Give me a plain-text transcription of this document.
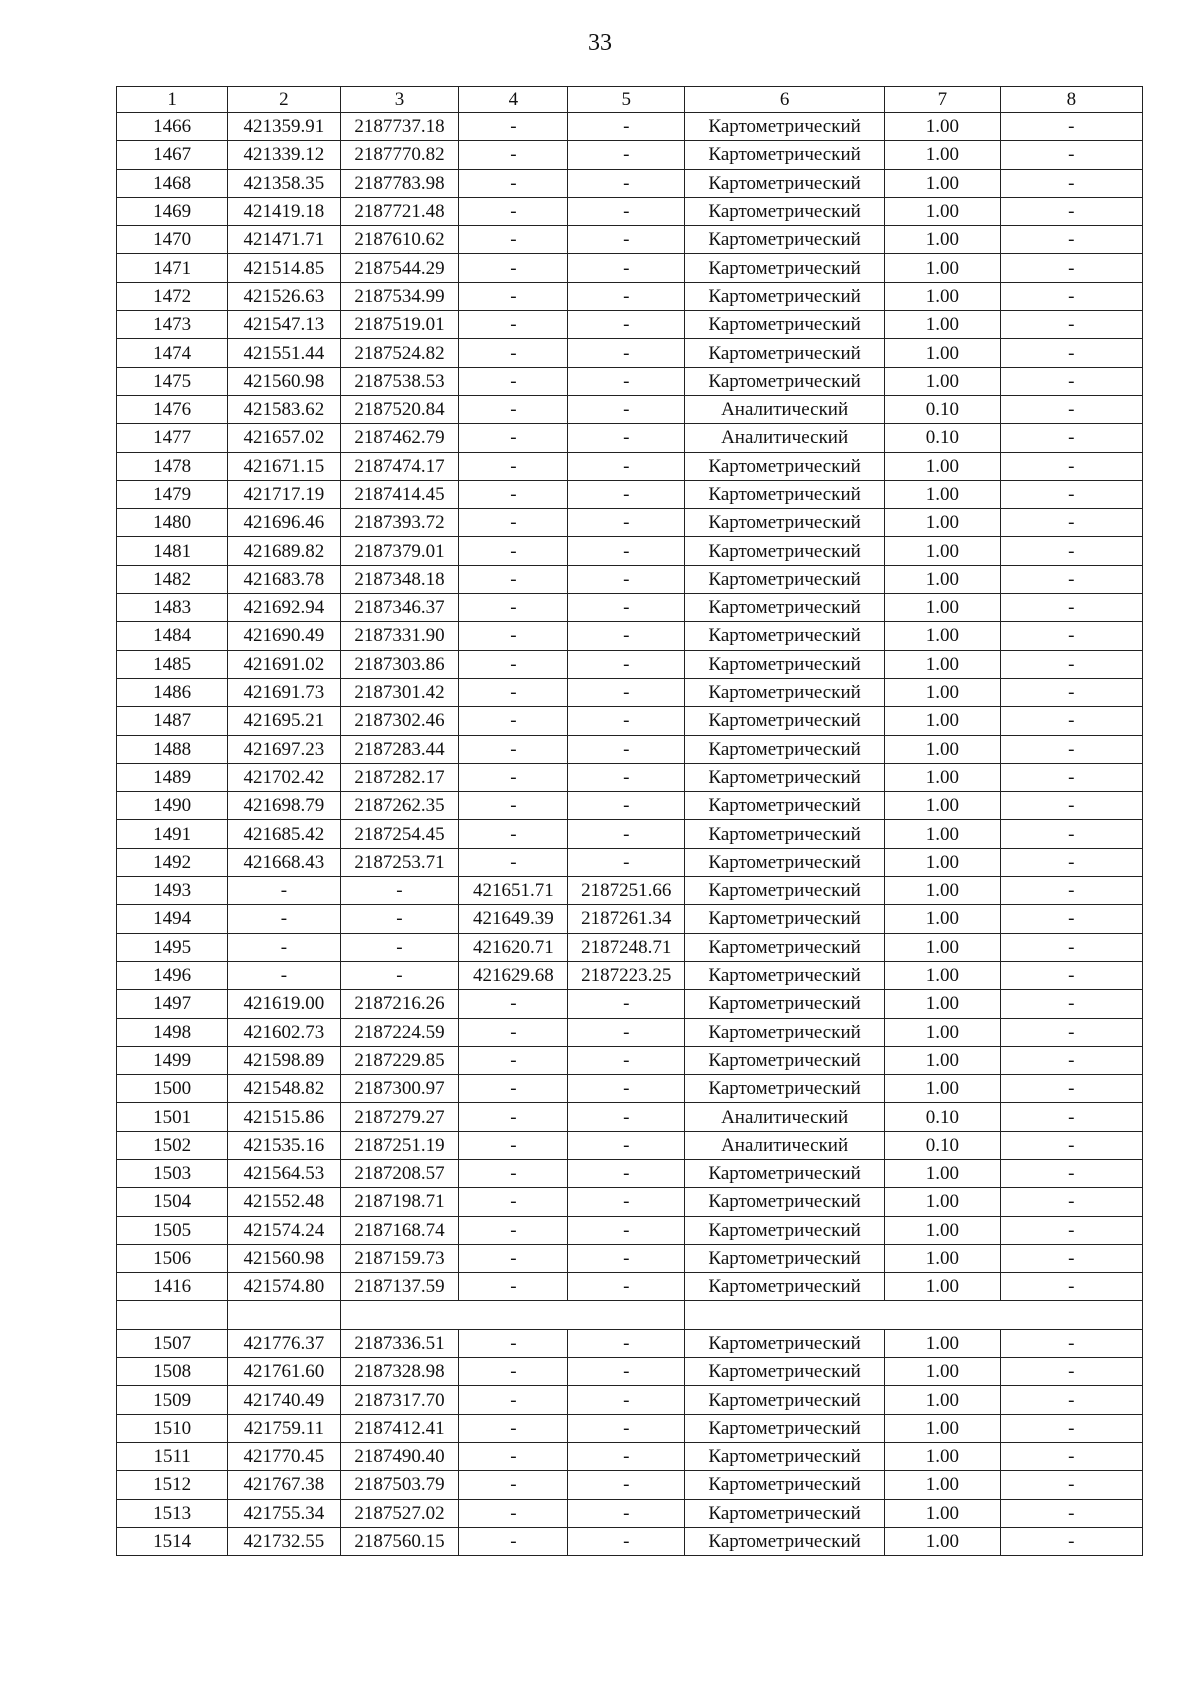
33
1	2	3	4	5	6	7	8
1466	421359.91	2187737.18	-	-	Картометрический	1.00	-
1467	421339.12	2187770.82	-	-	Картометрический	1.00	-
1468	421358.35	2187783.98	-	-	Картометрический	1.00	-
1469	421419.18	2187721.48	-	-	Картометрический	1.00	-
1470	421471.71	2187610.62	-	-	Картометрический	1.00	-
1471	421514.85	2187544.29	-	-	Картометрический	1.00	-
1472	421526.63	2187534.99	-	-	Картометрический	1.00	-
1473	421547.13	2187519.01	-	-	Картометрический	1.00	-
1474	421551.44	2187524.82	-	-	Картометрический	1.00	-
1475	421560.98	2187538.53	-	-	Картометрический	1.00	-
1476	421583.62	2187520.84	-	-	Аналитический	0.10	-
1477	421657.02	2187462.79	-	-	Аналитический	0.10	-
1478	421671.15	2187474.17	-	-	Картометрический	1.00	-
1479	421717.19	2187414.45	-	-	Картометрический	1.00	-
1480	421696.46	2187393.72	-	-	Картометрический	1.00	-
1481	421689.82	2187379.01	-	-	Картометрический	1.00	-
1482	421683.78	2187348.18	-	-	Картометрический	1.00	-
1483	421692.94	2187346.37	-	-	Картометрический	1.00	-
1484	421690.49	2187331.90	-	-	Картометрический	1.00	-
1485	421691.02	2187303.86	-	-	Картометрический	1.00	-
1486	421691.73	2187301.42	-	-	Картометрический	1.00	-
1487	421695.21	2187302.46	-	-	Картометрический	1.00	-
1488	421697.23	2187283.44	-	-	Картометрический	1.00	-
1489	421702.42	2187282.17	-	-	Картометрический	1.00	-
1490	421698.79	2187262.35	-	-	Картометрический	1.00	-
1491	421685.42	2187254.45	-	-	Картометрический	1.00	-
1492	421668.43	2187253.71	-	-	Картометрический	1.00	-
1493	-	-	421651.71	2187251.66	Картометрический	1.00	-
1494	-	-	421649.39	2187261.34	Картометрический	1.00	-
1495	-	-	421620.71	2187248.71	Картометрический	1.00	-
1496	-	-	421629.68	2187223.25	Картометрический	1.00	-
1497	421619.00	2187216.26	-	-	Картометрический	1.00	-
1498	421602.73	2187224.59	-	-	Картометрический	1.00	-
1499	421598.89	2187229.85	-	-	Картометрический	1.00	-
1500	421548.82	2187300.97	-	-	Картометрический	1.00	-
1501	421515.86	2187279.27	-	-	Аналитический	0.10	-
1502	421535.16	2187251.19	-	-	Аналитический	0.10	-
1503	421564.53	2187208.57	-	-	Картометрический	1.00	-
1504	421552.48	2187198.71	-	-	Картометрический	1.00	-
1505	421574.24	2187168.74	-	-	Картометрический	1.00	-
1506	421560.98	2187159.73	-	-	Картометрический	1.00	-
1416	421574.80	2187137.59	-	-	Картометрический	1.00	-

1507	421776.37	2187336.51	-	-	Картометрический	1.00	-
1508	421761.60	2187328.98	-	-	Картометрический	1.00	-
1509	421740.49	2187317.70	-	-	Картометрический	1.00	-
1510	421759.11	2187412.41	-	-	Картометрический	1.00	-
1511	421770.45	2187490.40	-	-	Картометрический	1.00	-
1512	421767.38	2187503.79	-	-	Картометрический	1.00	-
1513	421755.34	2187527.02	-	-	Картометрический	1.00	-
1514	421732.55	2187560.15	-	-	Картометрический	1.00	-
